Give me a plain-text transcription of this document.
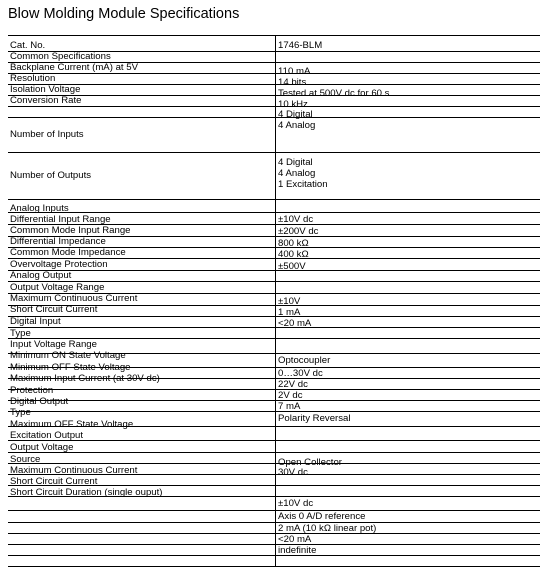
Blow Molding Module Specifications
Cat. No.
Common Specifications
Backplane Current (mA) at 5V
Resolution
Isolation Voltage
Conversion Rate
Number of Inputs
Number of Outputs
Analog Inputs
Differential Input Range
Common Mode Input Range
Differential Impedance
Common Mode Impedance
Overvoltage Protection
Analog Output
Output Voltage Range
Maximum Continuous Current
Short Circuit Current
Digital Input
Type
Input Voltage Range
Minimum ON State Voltage
Minimum OFF State Voltage
Maximum Input Current (at 30V dc)
Protection
Digital Output
Type
Maximum OFF State Voltage
Excitation Output
Output Voltage
Source
Maximum Continuous Current
Short Circuit Current
Short Circuit Duration (single ouput)
1746-BLM
110 mA
14 bits
Tested at 500V dc for 60 s
10 kHz
4 Digital
4 Analog
4 Digital
4 Analog
1 Excitation
±10V dc
±200V dc
800 kΩ
400 kΩ
±500V
±10V
1 mA
<20 mA
Optocoupler
0…30V dc
22V dc
2V dc
7 mA
Polarity Reversal
Open Collector
30V dc
±10V dc
Axis 0 A/D reference
2 mA (10 kΩ linear pot)
<20 mA
indefinite
